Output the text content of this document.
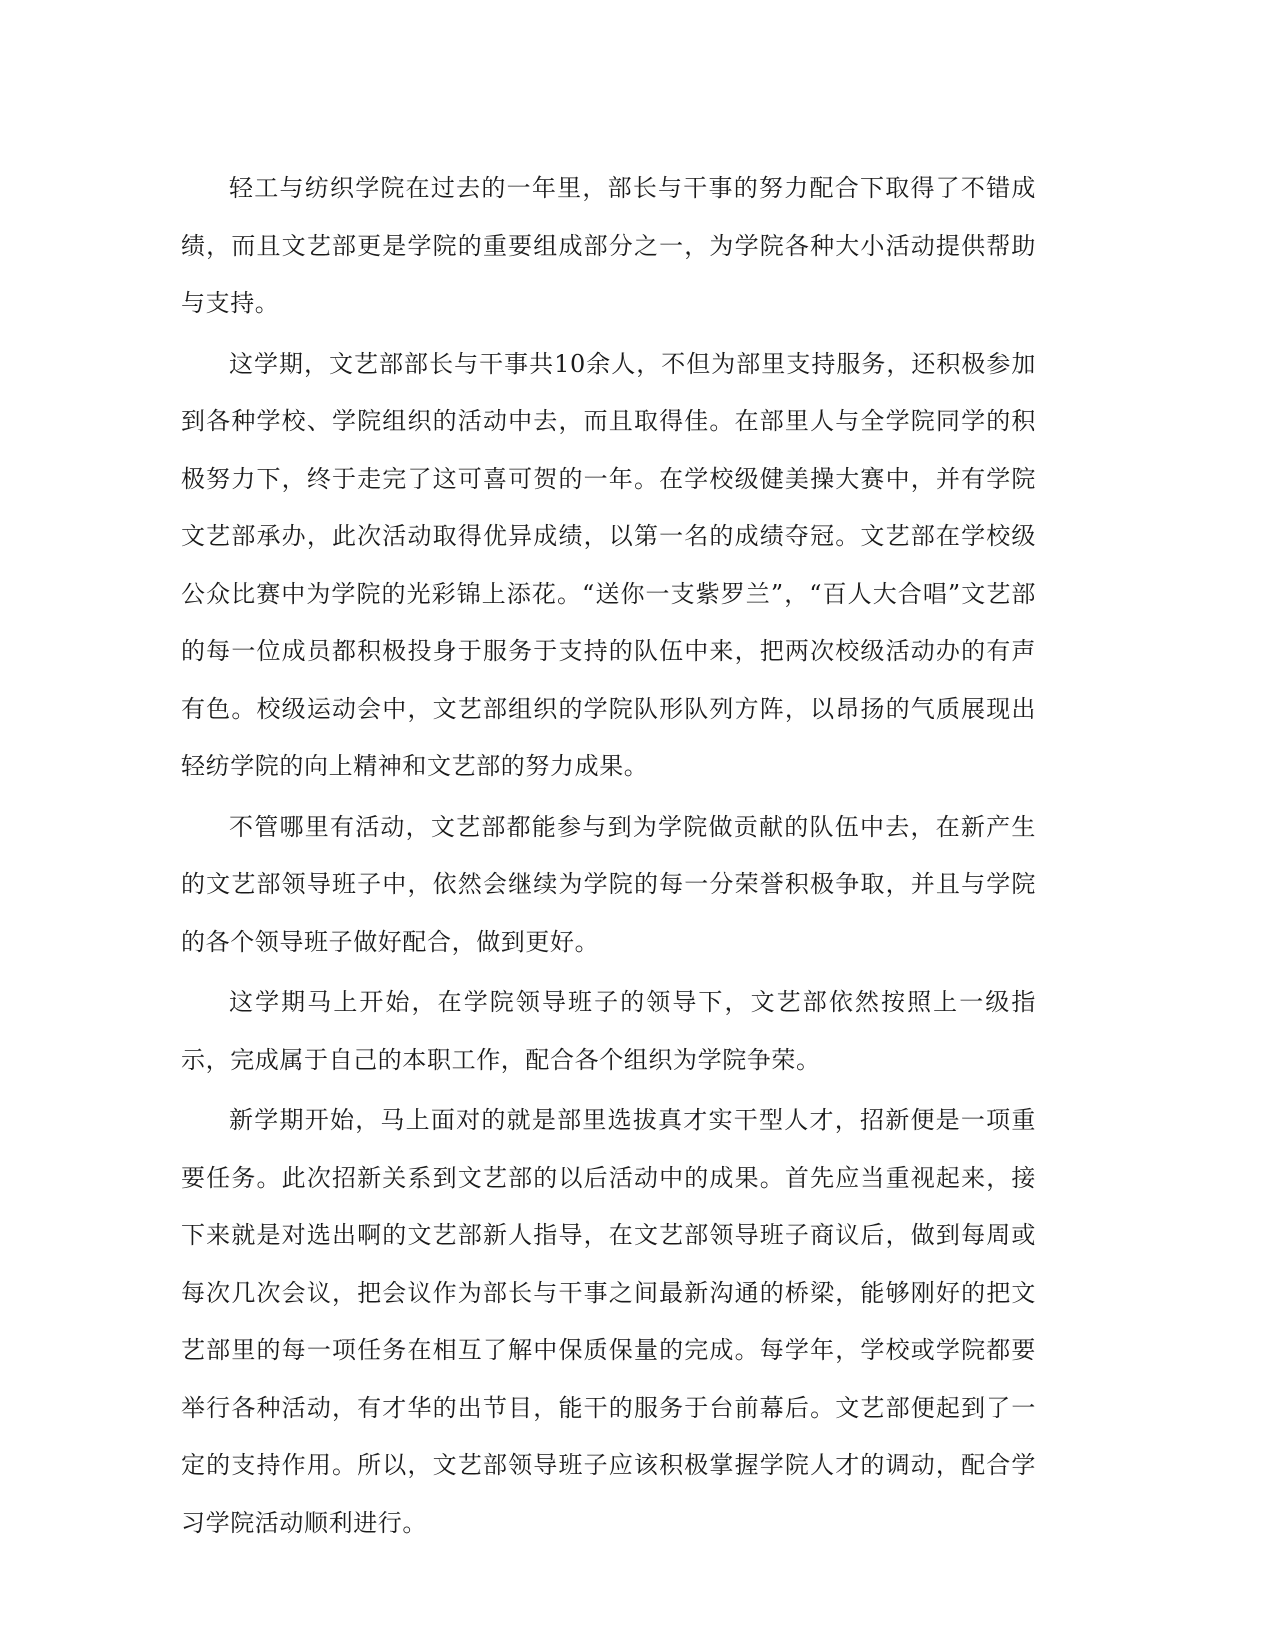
轻工与纺织学院在过去的一年里，部长与干事的努力配合下取得了不错成绩，而且文艺部更是学院的重要组成部分之一，为学院各种大小活动提供帮助与支持。

这学期，文艺部部长与干事共10余人，不但为部里支持服务，还积极参加到各种学校、学院组织的活动中去，而且取得佳。在部里人与全学院同学的积极努力下，终于走完了这可喜可贺的一年。在学校级健美操大赛中，并有学院文艺部承办，此次活动取得优异成绩，以第一名的成绩夺冠。文艺部在学校级公众比赛中为学院的光彩锦上添花。“送你一支紫罗兰”，“百人大合唱”文艺部的每一位成员都积极投身于服务于支持的队伍中来，把两次校级活动办的有声有色。校级运动会中，文艺部组织的学院队形队列方阵，以昂扬的气质展现出轻纺学院的向上精神和文艺部的努力成果。

不管哪里有活动，文艺部都能参与到为学院做贡献的队伍中去，在新产生的文艺部领导班子中，依然会继续为学院的每一分荣誉积极争取，并且与学院的各个领导班子做好配合，做到更好。

这学期马上开始，在学院领导班子的领导下，文艺部依然按照上一级指示，完成属于自己的本职工作，配合各个组织为学院争荣。

新学期开始，马上面对的就是部里选拔真才实干型人才，招新便是一项重要任务。此次招新关系到文艺部的以后活动中的成果。首先应当重视起来，接下来就是对选出啊的文艺部新人指导，在文艺部领导班子商议后，做到每周或每次几次会议，把会议作为部长与干事之间最新沟通的桥梁，能够刚好的把文艺部里的每一项任务在相互了解中保质保量的完成。每学年，学校或学院都要举行各种活动，有才华的出节目，能干的服务于台前幕后。文艺部便起到了一定的支持作用。所以，文艺部领导班子应该积极掌握学院人才的调动，配合学习学院活动顺利进行。
